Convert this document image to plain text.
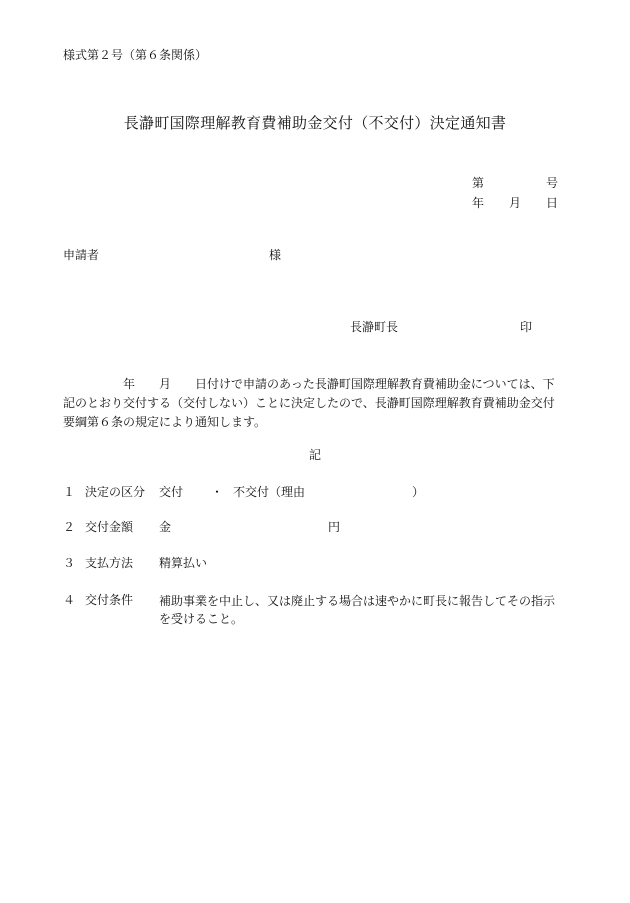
様式第２号（第６条関係）
長瀞町国際理解教育費補助金交付（不交付）決定通知書
第	号
年 月 日
申請者	様
長瀞町長	印
　　　　　年　　月　　日付けで申請のあった長瀞町国際理解教育費補助金については、下
記のとおり交付する（交付しない）ことに決定したので、長瀞町国際理解教育費補助金交付
要綱第６条の規定により通知します。
記
１ 決定の区分 交付 ・ 不交付（理由	）
２ 交付金額 金	円
３ 支払方法 精算払い
４ 交付条件 補助事業を中止し、又は廃止する場合は速やかに町長に報告してその指示を受けること。
